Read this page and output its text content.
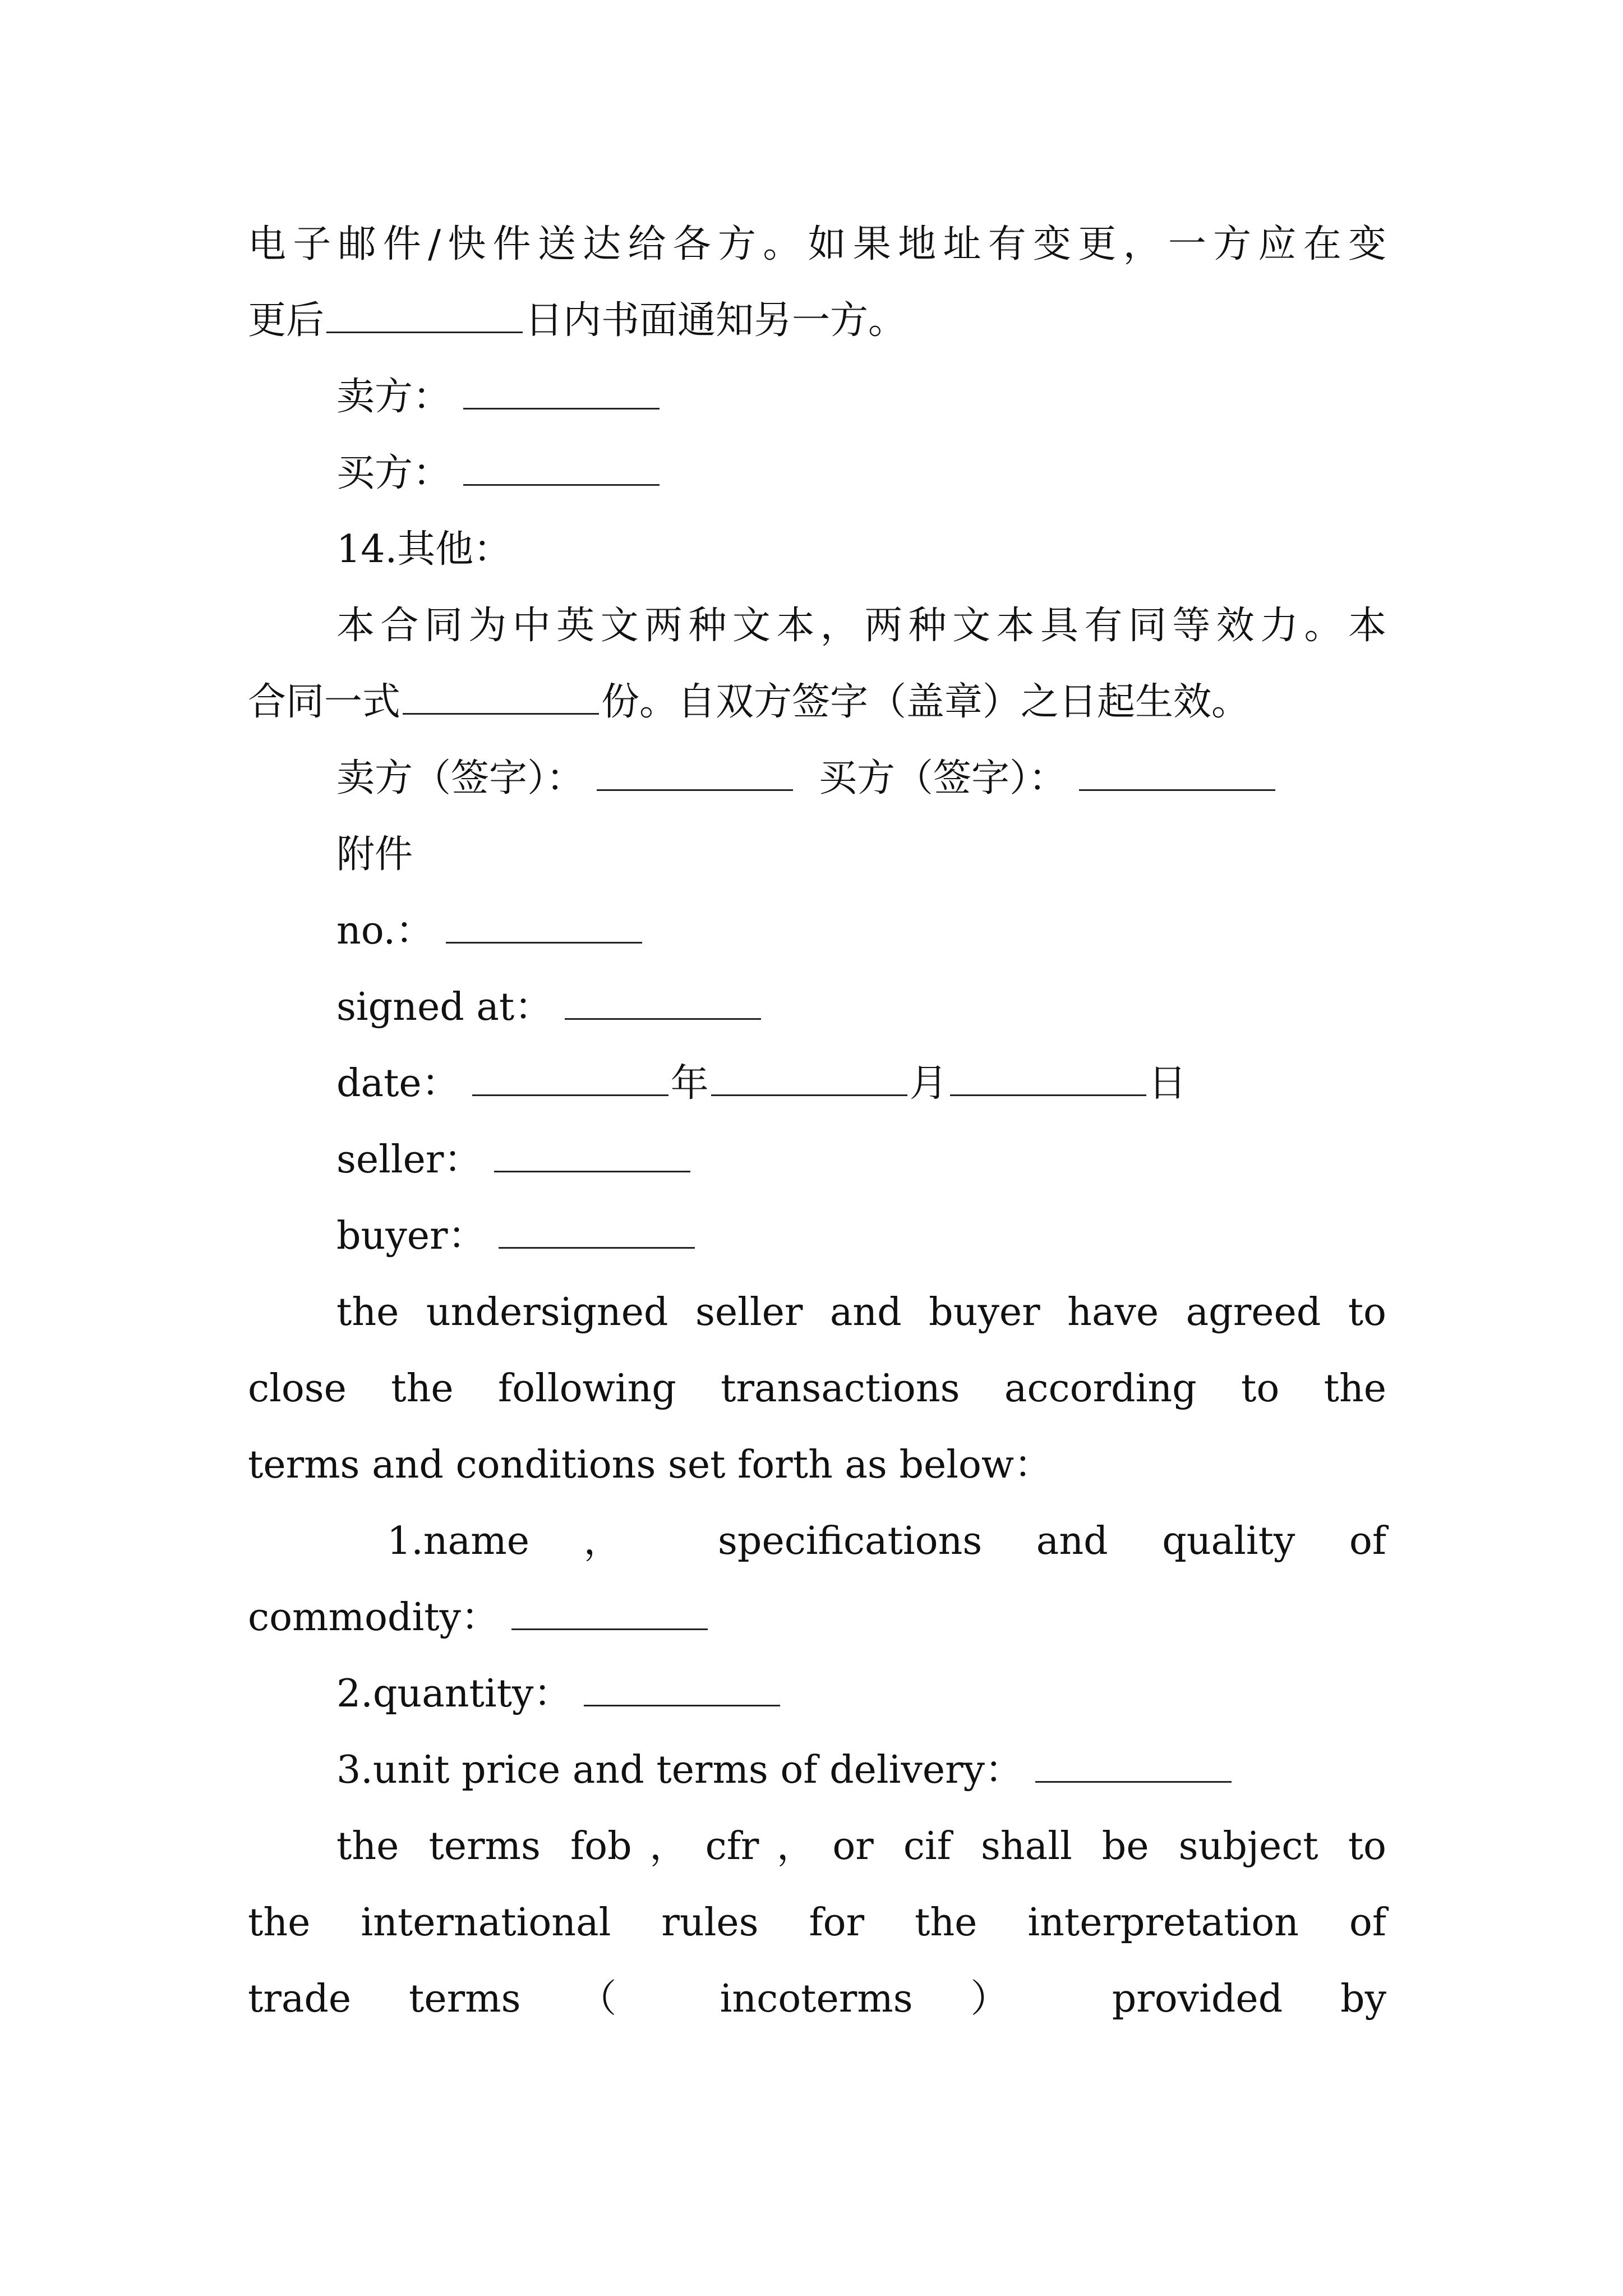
电子邮件/快件送达给各方。如果地址有变更，一方应在变
更后	日内书面通知另一方。
卖方：
买方：
14.其他：
本合同为中英文两种文本，两种文本具有同等效力。本
合同一式	份。自双方签字（盖章）之日起生效。
卖方（签字）：	买方（签字）：
附件
no.：
signed at：
date：	年	月	日
seller：
buyer：
the undersigned seller and buyer have agreed to
close the following transactions according to the
terms and conditions set forth as below：
1.name ， specifications and quality of
commodity：
2.quantity：
3.unit price and terms of delivery：
the terms fob，cfr，or cif shall be subject to
the international rules for the interpretation of
trade terms （ incoterms ） provided by
